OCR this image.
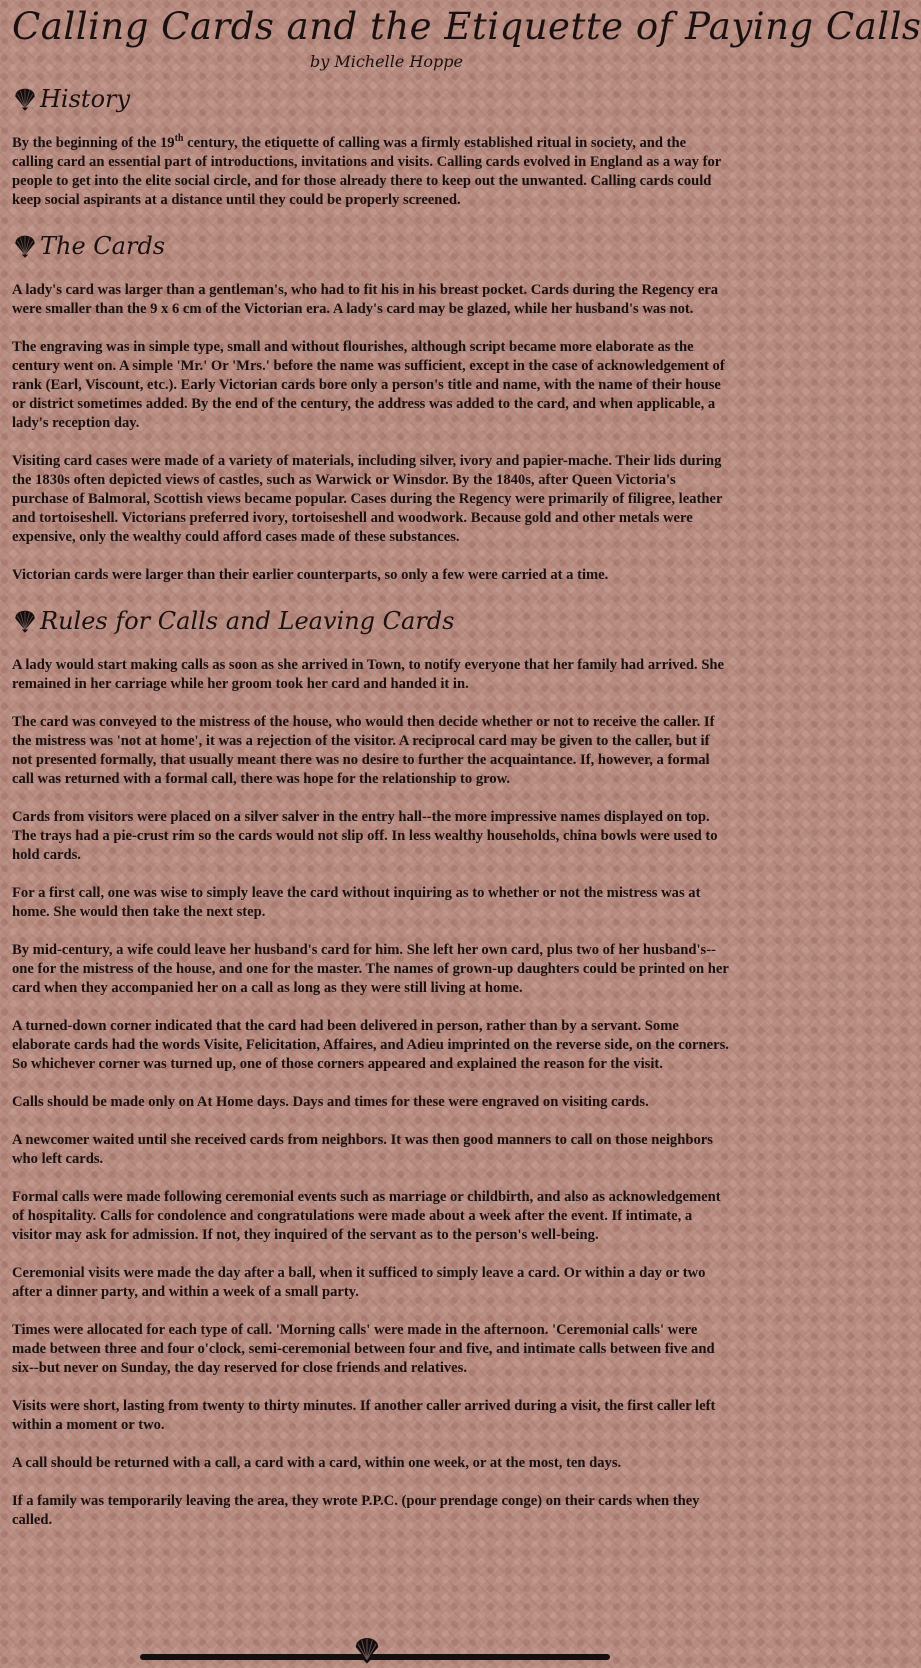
Calling Cards and the Etiquette of Paying Calls
by Michelle Hoppe
History

By the beginning of the 19th century, the etiquette of calling was a firmly established ritual in society, and the calling card an essential part of introductions, invitations and visits. Calling cards evolved in England as a way for people to get into the elite social circle, and for those already there to keep out the unwanted. Calling cards could keep social aspirants at a distance until they could be properly screened.

The Cards

A lady's card was larger than a gentleman's, who had to fit his in his breast pocket. Cards during the Regency era were smaller than the 9 x 6 cm of the Victorian era. A lady's card may be glazed, while her husband's was not.

The engraving was in simple type, small and without flourishes, although script became more elaborate as the century went on. A simple 'Mr.' Or 'Mrs.' before the name was sufficient, except in the case of acknowledgement of rank (Earl, Viscount, etc.). Early Victorian cards bore only a person's title and name, with the name of their house or district sometimes added. By the end of the century, the address was added to the card, and when applicable, a lady's reception day.

Visiting card cases were made of a variety of materials, including silver, ivory and papier-mache. Their lids during the 1830s often depicted views of castles, such as Warwick or Winsdor. By the 1840s, after Queen Victoria's purchase of Balmoral, Scottish views became popular. Cases during the Regency were primarily of filigree, leather and tortoiseshell. Victorians preferred ivory, tortoiseshell and woodwork. Because gold and other metals were expensive, only the wealthy could afford cases made of these substances.

Victorian cards were larger than their earlier counterparts, so only a few were carried at a time.

Rules for Calls and Leaving Cards

A lady would start making calls as soon as she arrived in Town, to notify everyone that her family had arrived. She remained in her carriage while her groom took her card and handed it in.

The card was conveyed to the mistress of the house, who would then decide whether or not to receive the caller. If the mistress was 'not at home', it was a rejection of the visitor. A reciprocal card may be given to the caller, but if not presented formally, that usually meant there was no desire to further the acquaintance. If, however, a formal call was returned with a formal call, there was hope for the relationship to grow.

Cards from visitors were placed on a silver salver in the entry hall--the more impressive names displayed on top. The trays had a pie-crust rim so the cards would not slip off. In less wealthy households, china bowls were used to hold cards.

For a first call, one was wise to simply leave the card without inquiring as to whether or not the mistress was at home. She would then take the next step.

By mid-century, a wife could leave her husband's card for him. She left her own card, plus two of her husband's--one for the mistress of the house, and one for the master. The names of grown-up daughters could be printed on her card when they accompanied her on a call as long as they were still living at home.

A turned-down corner indicated that the card had been delivered in person, rather than by a servant. Some elaborate cards had the words Visite, Felicitation, Affaires, and Adieu imprinted on the reverse side, on the corners. So whichever corner was turned up, one of those corners appeared and explained the reason for the visit.

Calls should be made only on At Home days. Days and times for these were engraved on visiting cards.

A newcomer waited until she received cards from neighbors. It was then good manners to call on those neighbors who left cards.

Formal calls were made following ceremonial events such as marriage or childbirth, and also as acknowledgement of hospitality. Calls for condolence and congratulations were made about a week after the event. If intimate, a visitor may ask for admission. If not, they inquired of the servant as to the person's well-being.

Ceremonial visits were made the day after a ball, when it sufficed to simply leave a card. Or within a day or two after a dinner party, and within a week of a small party.

Times were allocated for each type of call. 'Morning calls' were made in the afternoon. 'Ceremonial calls' were made between three and four o'clock, semi-ceremonial between four and five, and intimate calls between five and six--but never on Sunday, the day reserved for close friends and relatives.

Visits were short, lasting from twenty to thirty minutes. If another caller arrived during a visit, the first caller left within a moment or two.

A call should be returned with a call, a card with a card, within one week, or at the most, ten days.

If a family was temporarily leaving the area, they wrote P.P.C. (pour prendage conge) on their cards when they called.
